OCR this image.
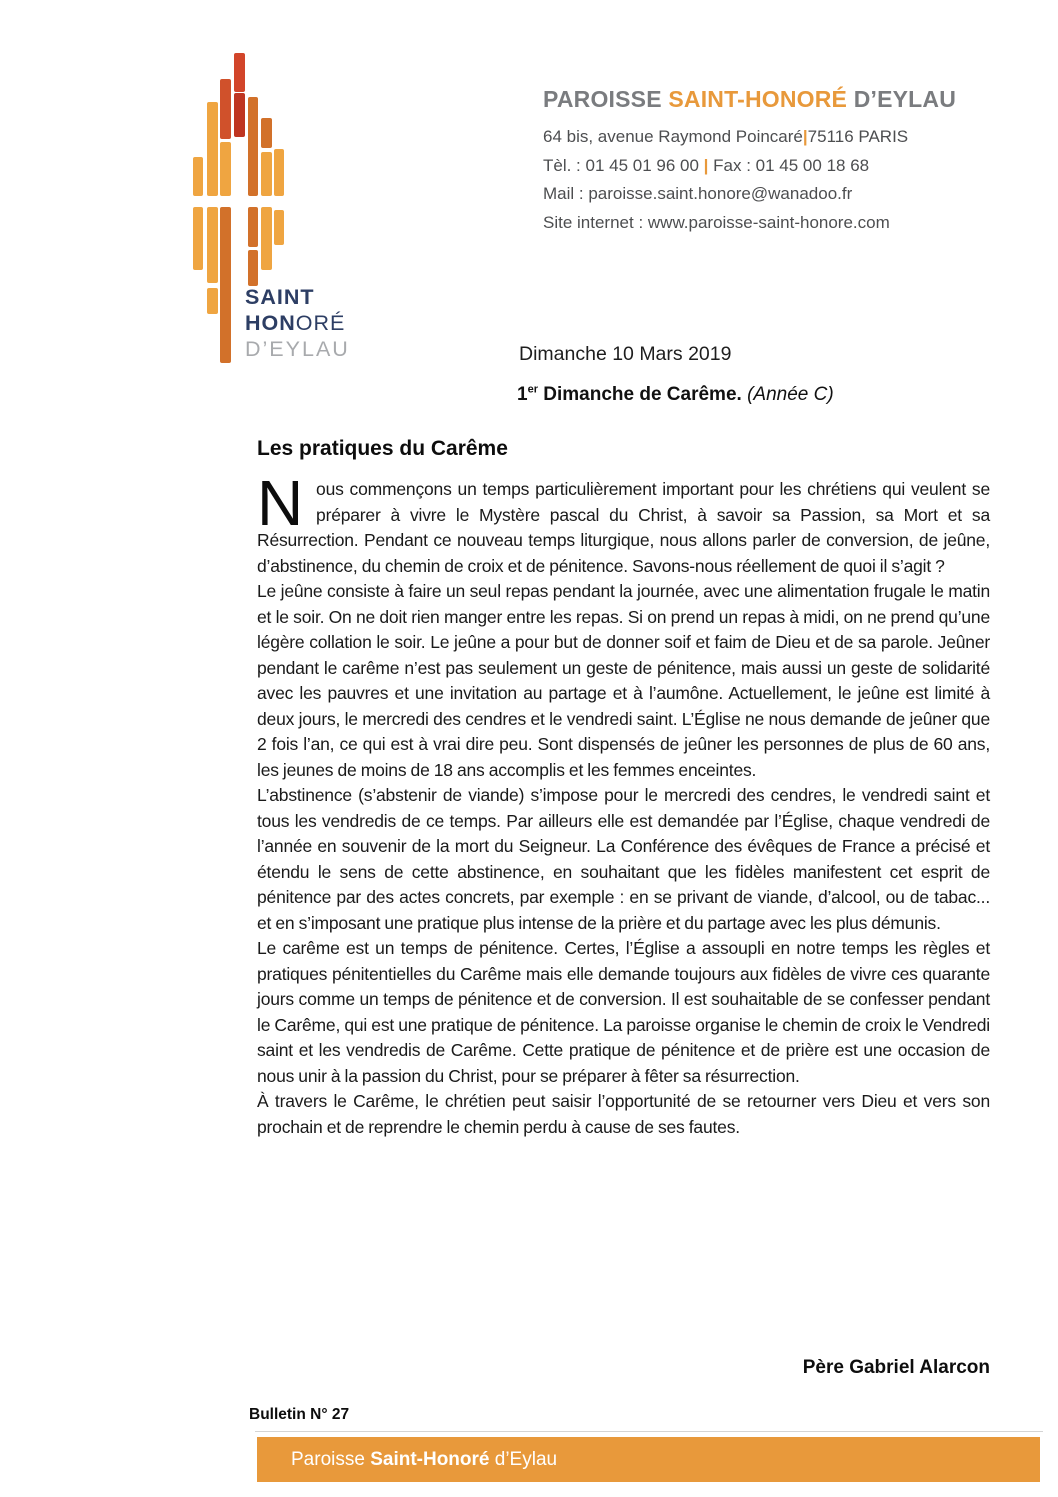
SAINT
HONORÉ
D’EYLAU
PAROISSE SAINT-HONORÉ D’EYLAU
64 bis, avenue Raymond Poincaré|75116 PARIS
Tèl. : 01 45 01 96 00 | Fax : 01 45 00 18 68
Mail : paroisse.saint.honore@wanadoo.fr
Site internet : www.paroisse-saint-honore.com
Dimanche 10 Mars 2019
1er Dimanche de Carême. (Année C)
Les pratiques du Carême

Nous commençons un temps particulièrement important pour les chrétiens qui veulent se préparer à vivre le Mystère pascal du Christ, à savoir sa Passion, sa Mort et sa Résurrection. Pendant ce nouveau temps liturgique, nous allons parler de conversion, de jeûne, d’abstinence, du chemin de croix et de pénitence. Savons-nous réellement de quoi il s’agit ?

Le jeûne consiste à faire un seul repas pendant la journée, avec une alimentation frugale le matin et le soir. On ne doit rien manger entre les repas. Si on prend un repas à midi, on ne prend qu’une légère collation le soir. Le jeûne a pour but de donner soif et faim de Dieu et de sa parole. Jeûner pendant le carême n’est pas seulement un geste de pénitence, mais aussi un geste de solidarité avec les pauvres et une invitation au partage et à l’aumône. Actuellement, le jeûne est limité à deux jours, le mercredi des cendres et le vendredi saint. L’Église ne nous demande de jeûner que 2 fois l’an, ce qui est à vrai dire peu. Sont dispensés de jeûner les personnes de plus de 60 ans, les jeunes de moins de 18 ans accomplis et les femmes enceintes.

L’abstinence (s’abstenir de viande) s’impose pour le mercredi des cendres, le vendredi saint et tous les vendredis de ce temps. Par ailleurs elle est demandée par l’Église, chaque vendredi de l’année en souvenir de la mort du Seigneur. La Conférence des évêques de France a précisé et étendu le sens de cette abstinence, en souhaitant que les fidèles manifestent cet esprit de pénitence par des actes concrets, par exemple : en se privant de viande, d’alcool, ou de tabac... et en s’imposant une pratique plus intense de la prière et du partage avec les plus démunis.

Le carême est un temps de pénitence. Certes, l’Église a assoupli en notre temps les règles et pratiques pénitentielles du Carême mais elle demande toujours aux fidèles de vivre ces quarante jours comme un temps de pénitence et de conversion. Il est souhaitable de se confesser pendant le Carême, qui est une pratique de pénitence. La paroisse organise le chemin de croix le Vendredi saint et les vendredis de Carême. Cette pratique de pénitence et de prière est une occasion de nous unir à la passion du Christ, pour se préparer à fêter sa résurrection.

À travers le Carême, le chrétien peut saisir l’opportunité de se retourner vers Dieu et vers son prochain et de reprendre le chemin perdu à cause de ses fautes.

Père Gabriel Alarcon
Bulletin N° 27
Paroisse Saint-Honoré d’Eylau
